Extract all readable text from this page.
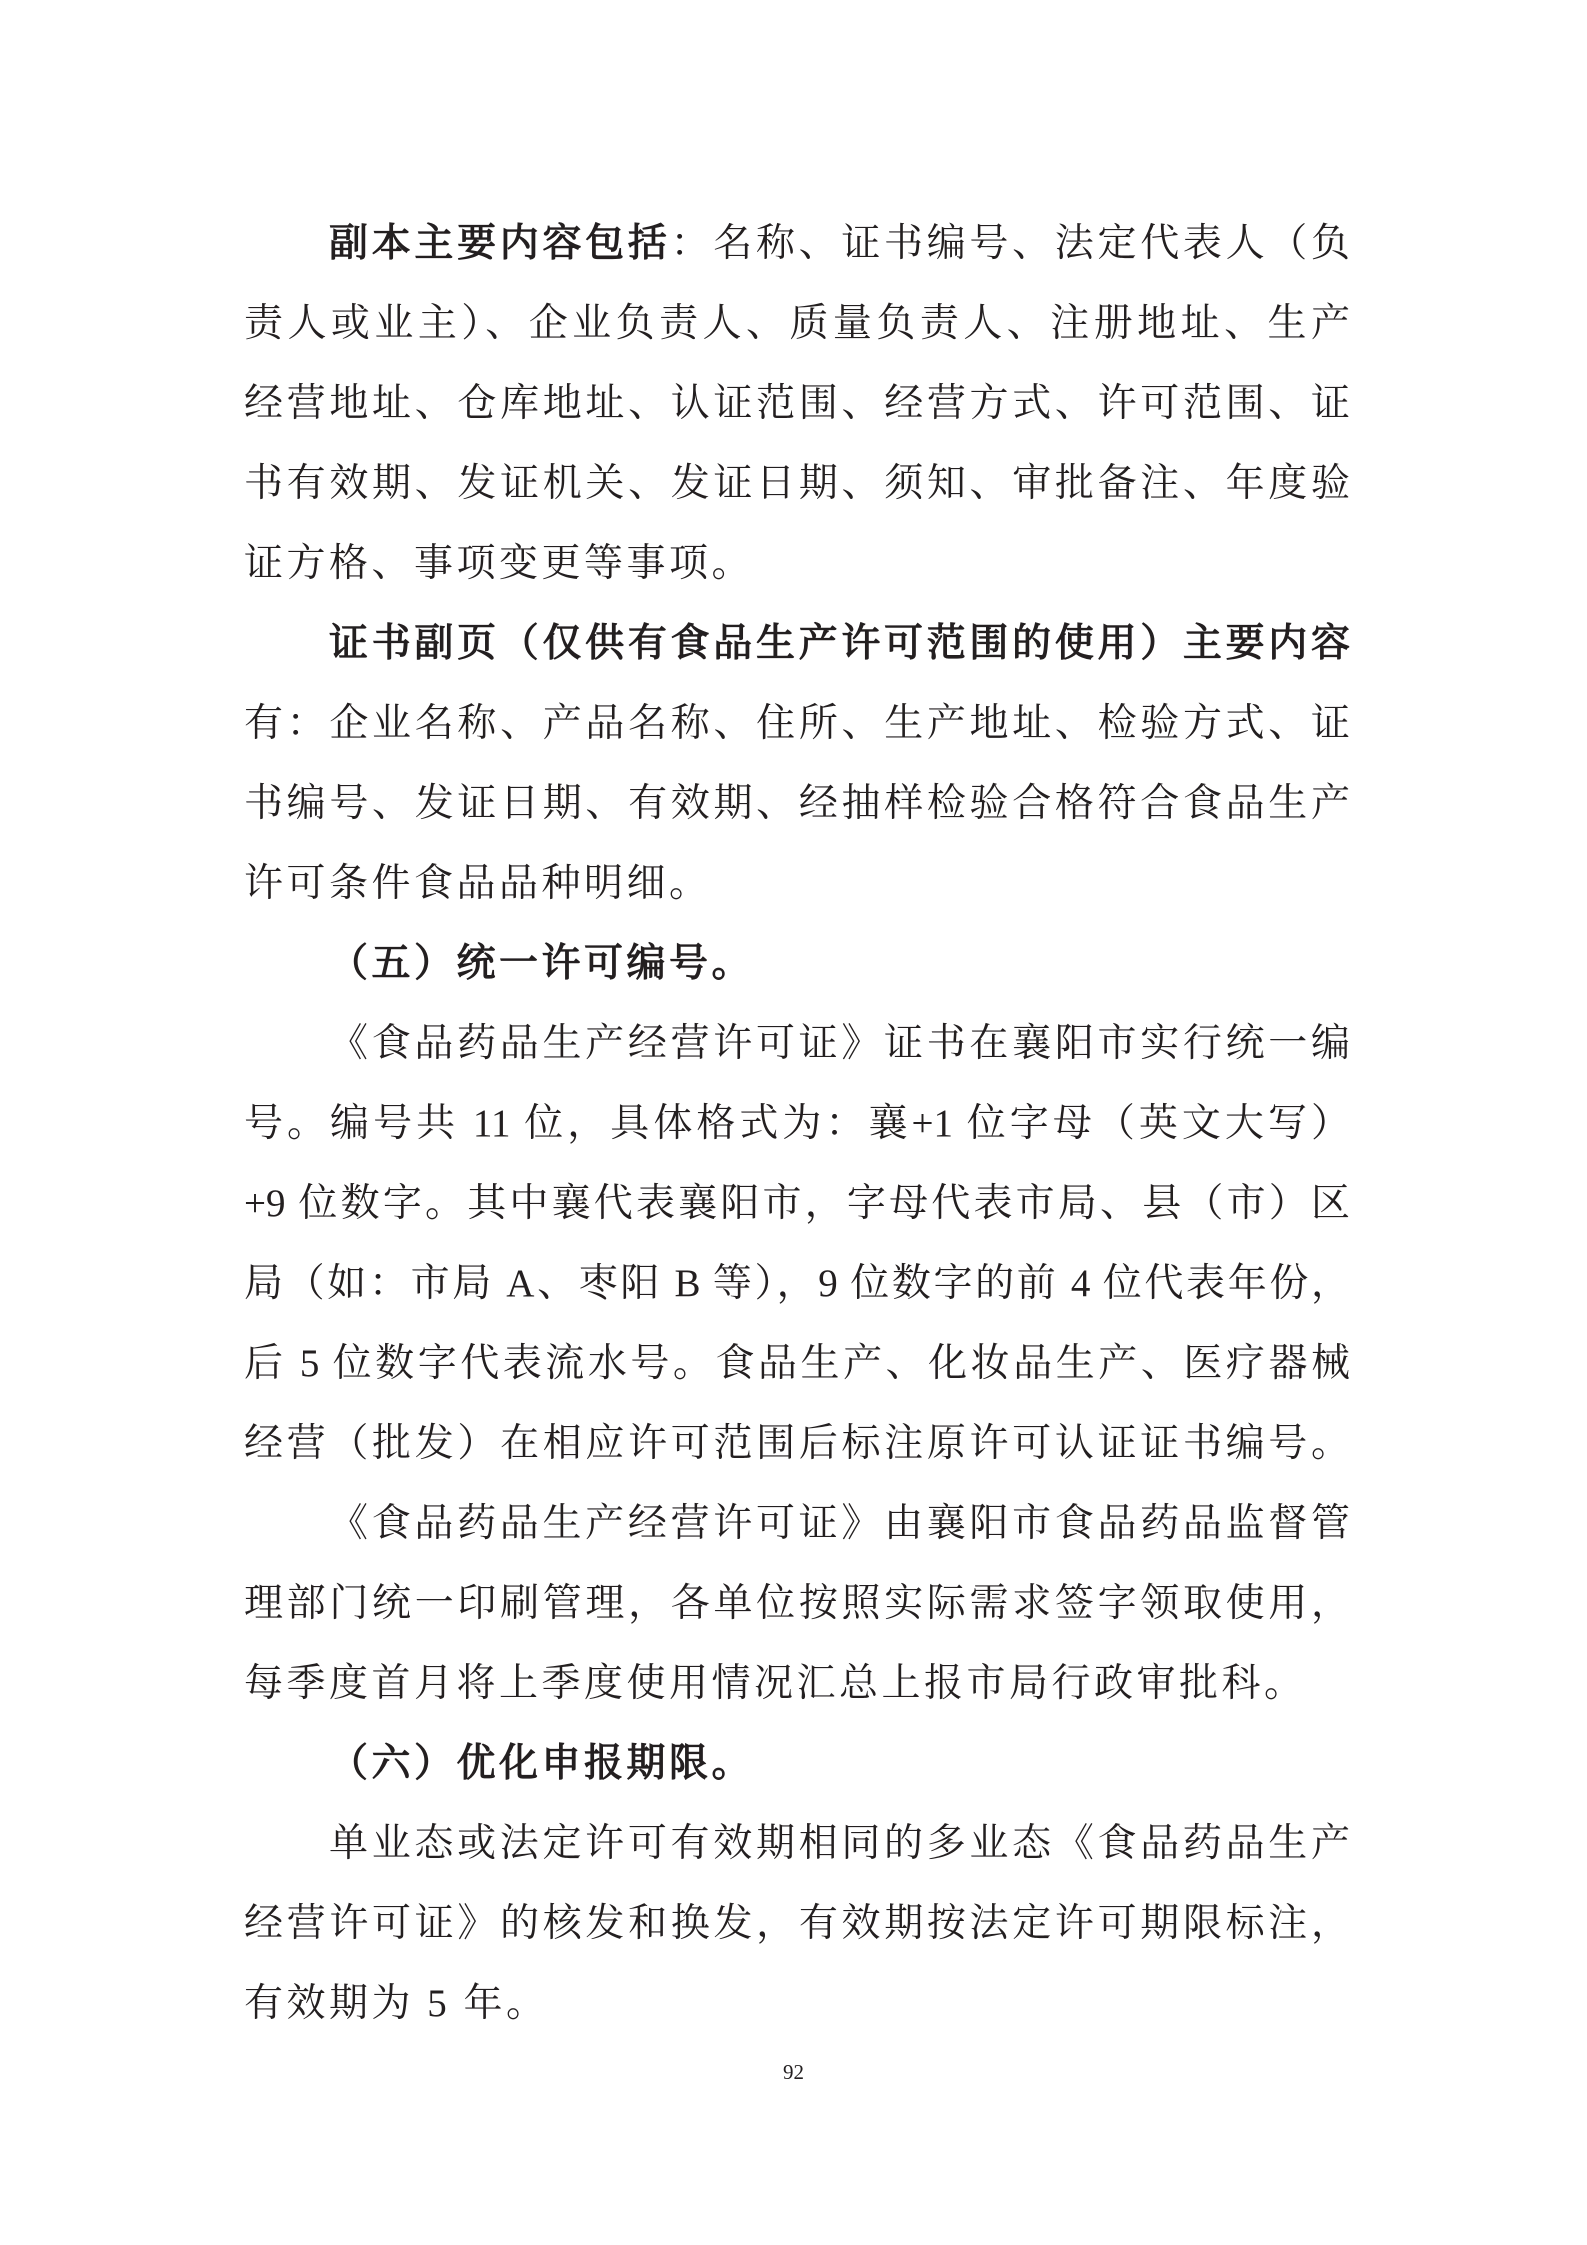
副本主要内容包括：名称、证书编号、法定代表人（负
责人或业主）、企业负责人、质量负责人、注册地址、生产
经营地址、仓库地址、认证范围、经营方式、许可范围、证
书有效期、发证机关、发证日期、须知、审批备注、年度验
证方格、事项变更等事项。
证书副页（仅供有食品生产许可范围的使用）主要内容
有：企业名称、产品名称、住所、生产地址、检验方式、证
书编号、发证日期、有效期、经抽样检验合格符合食品生产
许可条件食品品种明细。
（五）统一许可编号。
《食品药品生产经营许可证》证书在襄阳市实行统一编
号。编号共 11 位，具体格式为：襄+1 位字母（英文大写）
+9 位数字。其中襄代表襄阳市，字母代表市局、县（市）区
局（如：市局 A、枣阳 B 等），9 位数字的前 4 位代表年份，
后 5 位数字代表流水号。食品生产、化妆品生产、医疗器械
经营（批发）在相应许可范围后标注原许可认证证书编号。
《食品药品生产经营许可证》由襄阳市食品药品监督管
理部门统一印刷管理，各单位按照实际需求签字领取使用，
每季度首月将上季度使用情况汇总上报市局行政审批科。
（六）优化申报期限。
单业态或法定许可有效期相同的多业态《食品药品生产
经营许可证》的核发和换发，有效期按法定许可期限标注，
有效期为 5 年。
92
